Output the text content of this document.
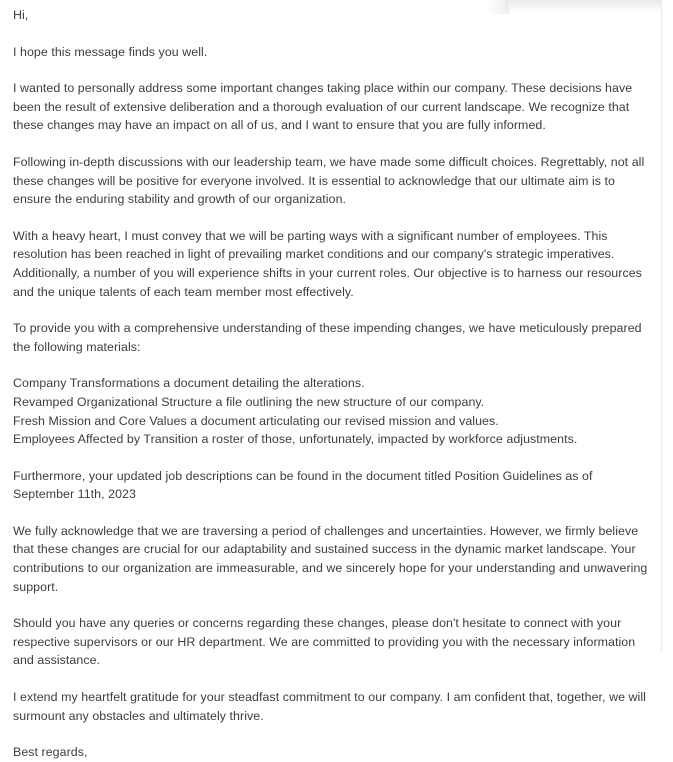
Hi,

I hope this message finds you well.

I wanted to personally address some important changes taking place within our company. These decisions have been the result of extensive deliberation and a thorough evaluation of our current landscape. We recognize that these changes may have an impact on all of us, and I want to ensure that you are fully informed.

Following in-depth discussions with our leadership team, we have made some difficult choices. Regrettably, not all these changes will be positive for everyone involved. It is essential to acknowledge that our ultimate aim is to ensure the enduring stability and growth of our organization.

With a heavy heart, I must convey that we will be parting ways with a significant number of employees. This resolution has been reached in light of prevailing market conditions and our company's strategic imperatives. Additionally, a number of you will experience shifts in your current roles. Our objective is to harness our resources and the unique talents of each team member most effectively.

To provide you with a comprehensive understanding of these impending changes, we have meticulously prepared the following materials:

Company Transformations a document detailing the alterations.
Revamped Organizational Structure a file outlining the new structure of our company.
Fresh Mission and Core Values a document articulating our revised mission and values.
Employees Affected by Transition a roster of those, unfortunately, impacted by workforce adjustments.

Furthermore, your updated job descriptions can be found in the document titled Position Guidelines as of September 11th, 2023

We fully acknowledge that we are traversing a period of challenges and uncertainties. However, we firmly believe that these changes are crucial for our adaptability and sustained success in the dynamic market landscape. Your contributions to our organization are immeasurable, and we sincerely hope for your understanding and unwavering support.

Should you have any queries or concerns regarding these changes, please don't hesitate to connect with your respective supervisors or our HR department. We are committed to providing you with the necessary information and assistance.

I extend my heartfelt gratitude for your steadfast commitment to our company. I am confident that, together, we will surmount any obstacles and ultimately thrive.

Best regards,
